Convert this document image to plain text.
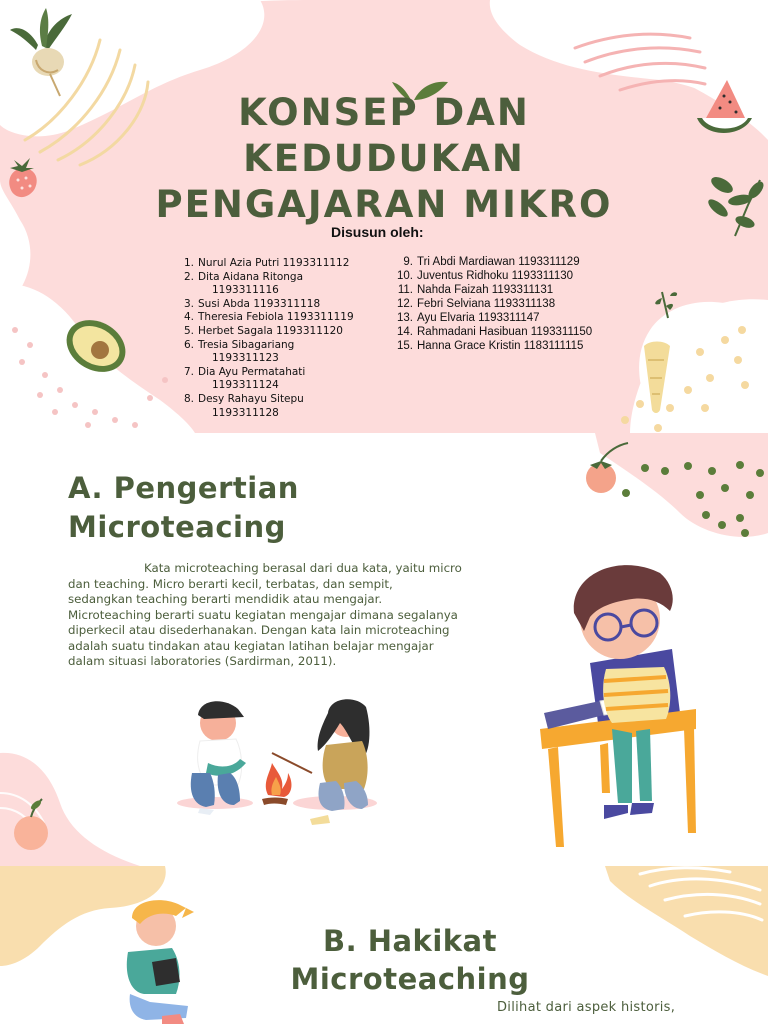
KONSEP DAN
KEDUDUKAN
PENGAJARAN MIKRO
Disusun oleh:
1. Nurul Azia Putri 1193311112
2. Dita Aidana Ritonga
1193311116
3. Susi Abda 1193311118
4. Theresia Febiola 1193311119
5. Herbet Sagala 1193311120
6. Tresia Sibagariang
1193311123
7. Dia Ayu Permatahati
1193311124
8. Desy Rahayu Sitepu
1193311128
9. Tri Abdi Mardiawan 1193311129
10. Juventus Ridhoku 1193311130
11. Nahda Faizah 1193311131
12. Febri Selviana 1193311138
13. Ayu Elvaria 1193311147
14. Rahmadani Hasibuan 1193311150
15. Hanna Grace Kristin 1183111115
A. Pengertian
Microteacing
Kata microteaching berasal dari dua kata, yaitu micro
dan teaching. Micro berarti kecil, terbatas, dan sempit,
sedangkan teaching berarti mendidik atau mengajar.
Microteaching berarti suatu kegiatan mengajar dimana segalanya
diperkecil atau disederhanakan. Dengan kata lain microteaching
adalah suatu tindakan atau kegiatan latihan belajar mengajar
dalam situasi laboratories (Sardirman, 2011).
B. Hakikat
Microteaching
Dilihat dari aspek historis,
